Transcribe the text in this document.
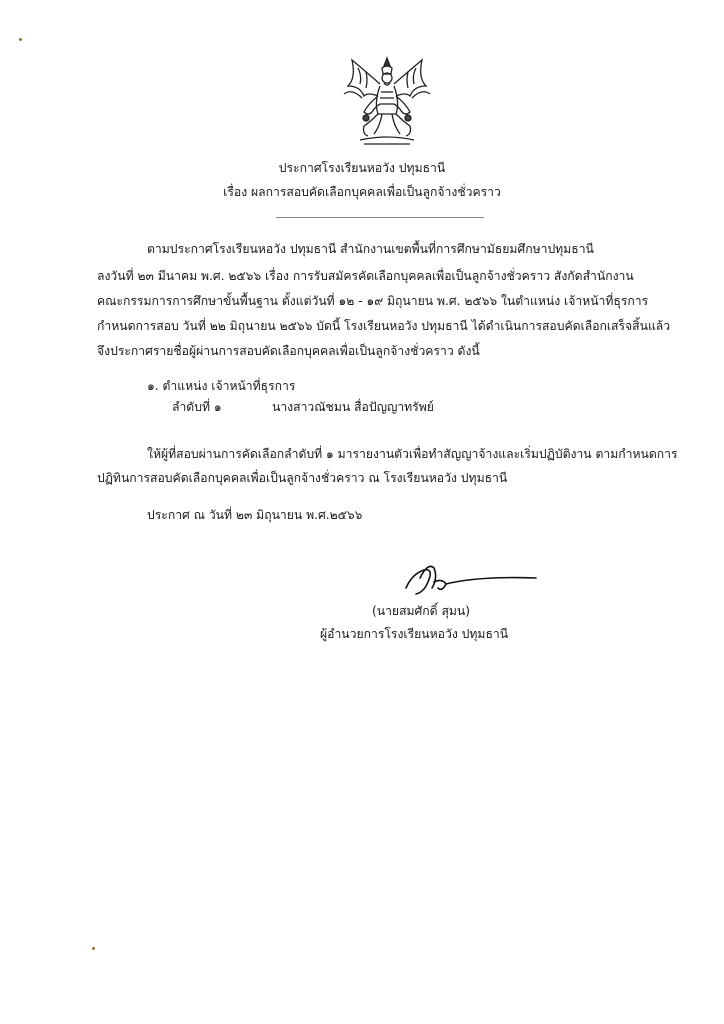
ประกาศโรงเรียนหอวัง ปทุมธานี
เรื่อง ผลการสอบคัดเลือกบุคคลเพื่อเป็นลูกจ้างชั่วคราว
ตามประกาศโรงเรียนหอวัง ปทุมธานี สำนักงานเขตพื้นที่การศึกษามัธยมศึกษาปทุมธานี
ลงวันที่ ๒๓ มีนาคม พ.ศ. ๒๕๖๖ เรื่อง การรับสมัครคัดเลือกบุคคลเพื่อเป็นลูกจ้างชั่วคราว สังกัดสำนักงาน
คณะกรรมการการศึกษาขั้นพื้นฐาน ตั้งแต่วันที่ ๑๒ - ๑๙ มิถุนายน พ.ศ. ๒๕๖๖ ในตำแหน่ง เจ้าหน้าที่ธุรการ
กำหนดการสอบ วันที่ ๒๒ มิถุนายน ๒๕๖๖ บัดนี้ โรงเรียนหอวัง ปทุมธานี ได้ดำเนินการสอบคัดเลือกเสร็จสิ้นแล้ว
จึงประกาศรายชื่อผู้ผ่านการสอบคัดเลือกบุคคลเพื่อเป็นลูกจ้างชั่วคราว ดังนี้
๑. ตำแหน่ง เจ้าหน้าที่ธุรการ
ลำดับที่ ๑	นางสาวณัชมน สื่อปัญญาทรัพย์
ให้ผู้ที่สอบผ่านการคัดเลือกลำดับที่ ๑ มารายงานตัวเพื่อทำสัญญาจ้างและเริ่มปฏิบัติงาน ตามกำหนดการ
ปฏิทินการสอบคัดเลือกบุคคลเพื่อเป็นลูกจ้างชั่วคราว ณ โรงเรียนหอวัง ปทุมธานี
ประกาศ ณ วันที่ ๒๓ มิถุนายน พ.ศ.๒๕๖๖
(นายสมศักดิ์ สุมน)
ผู้อำนวยการโรงเรียนหอวัง ปทุมธานี
